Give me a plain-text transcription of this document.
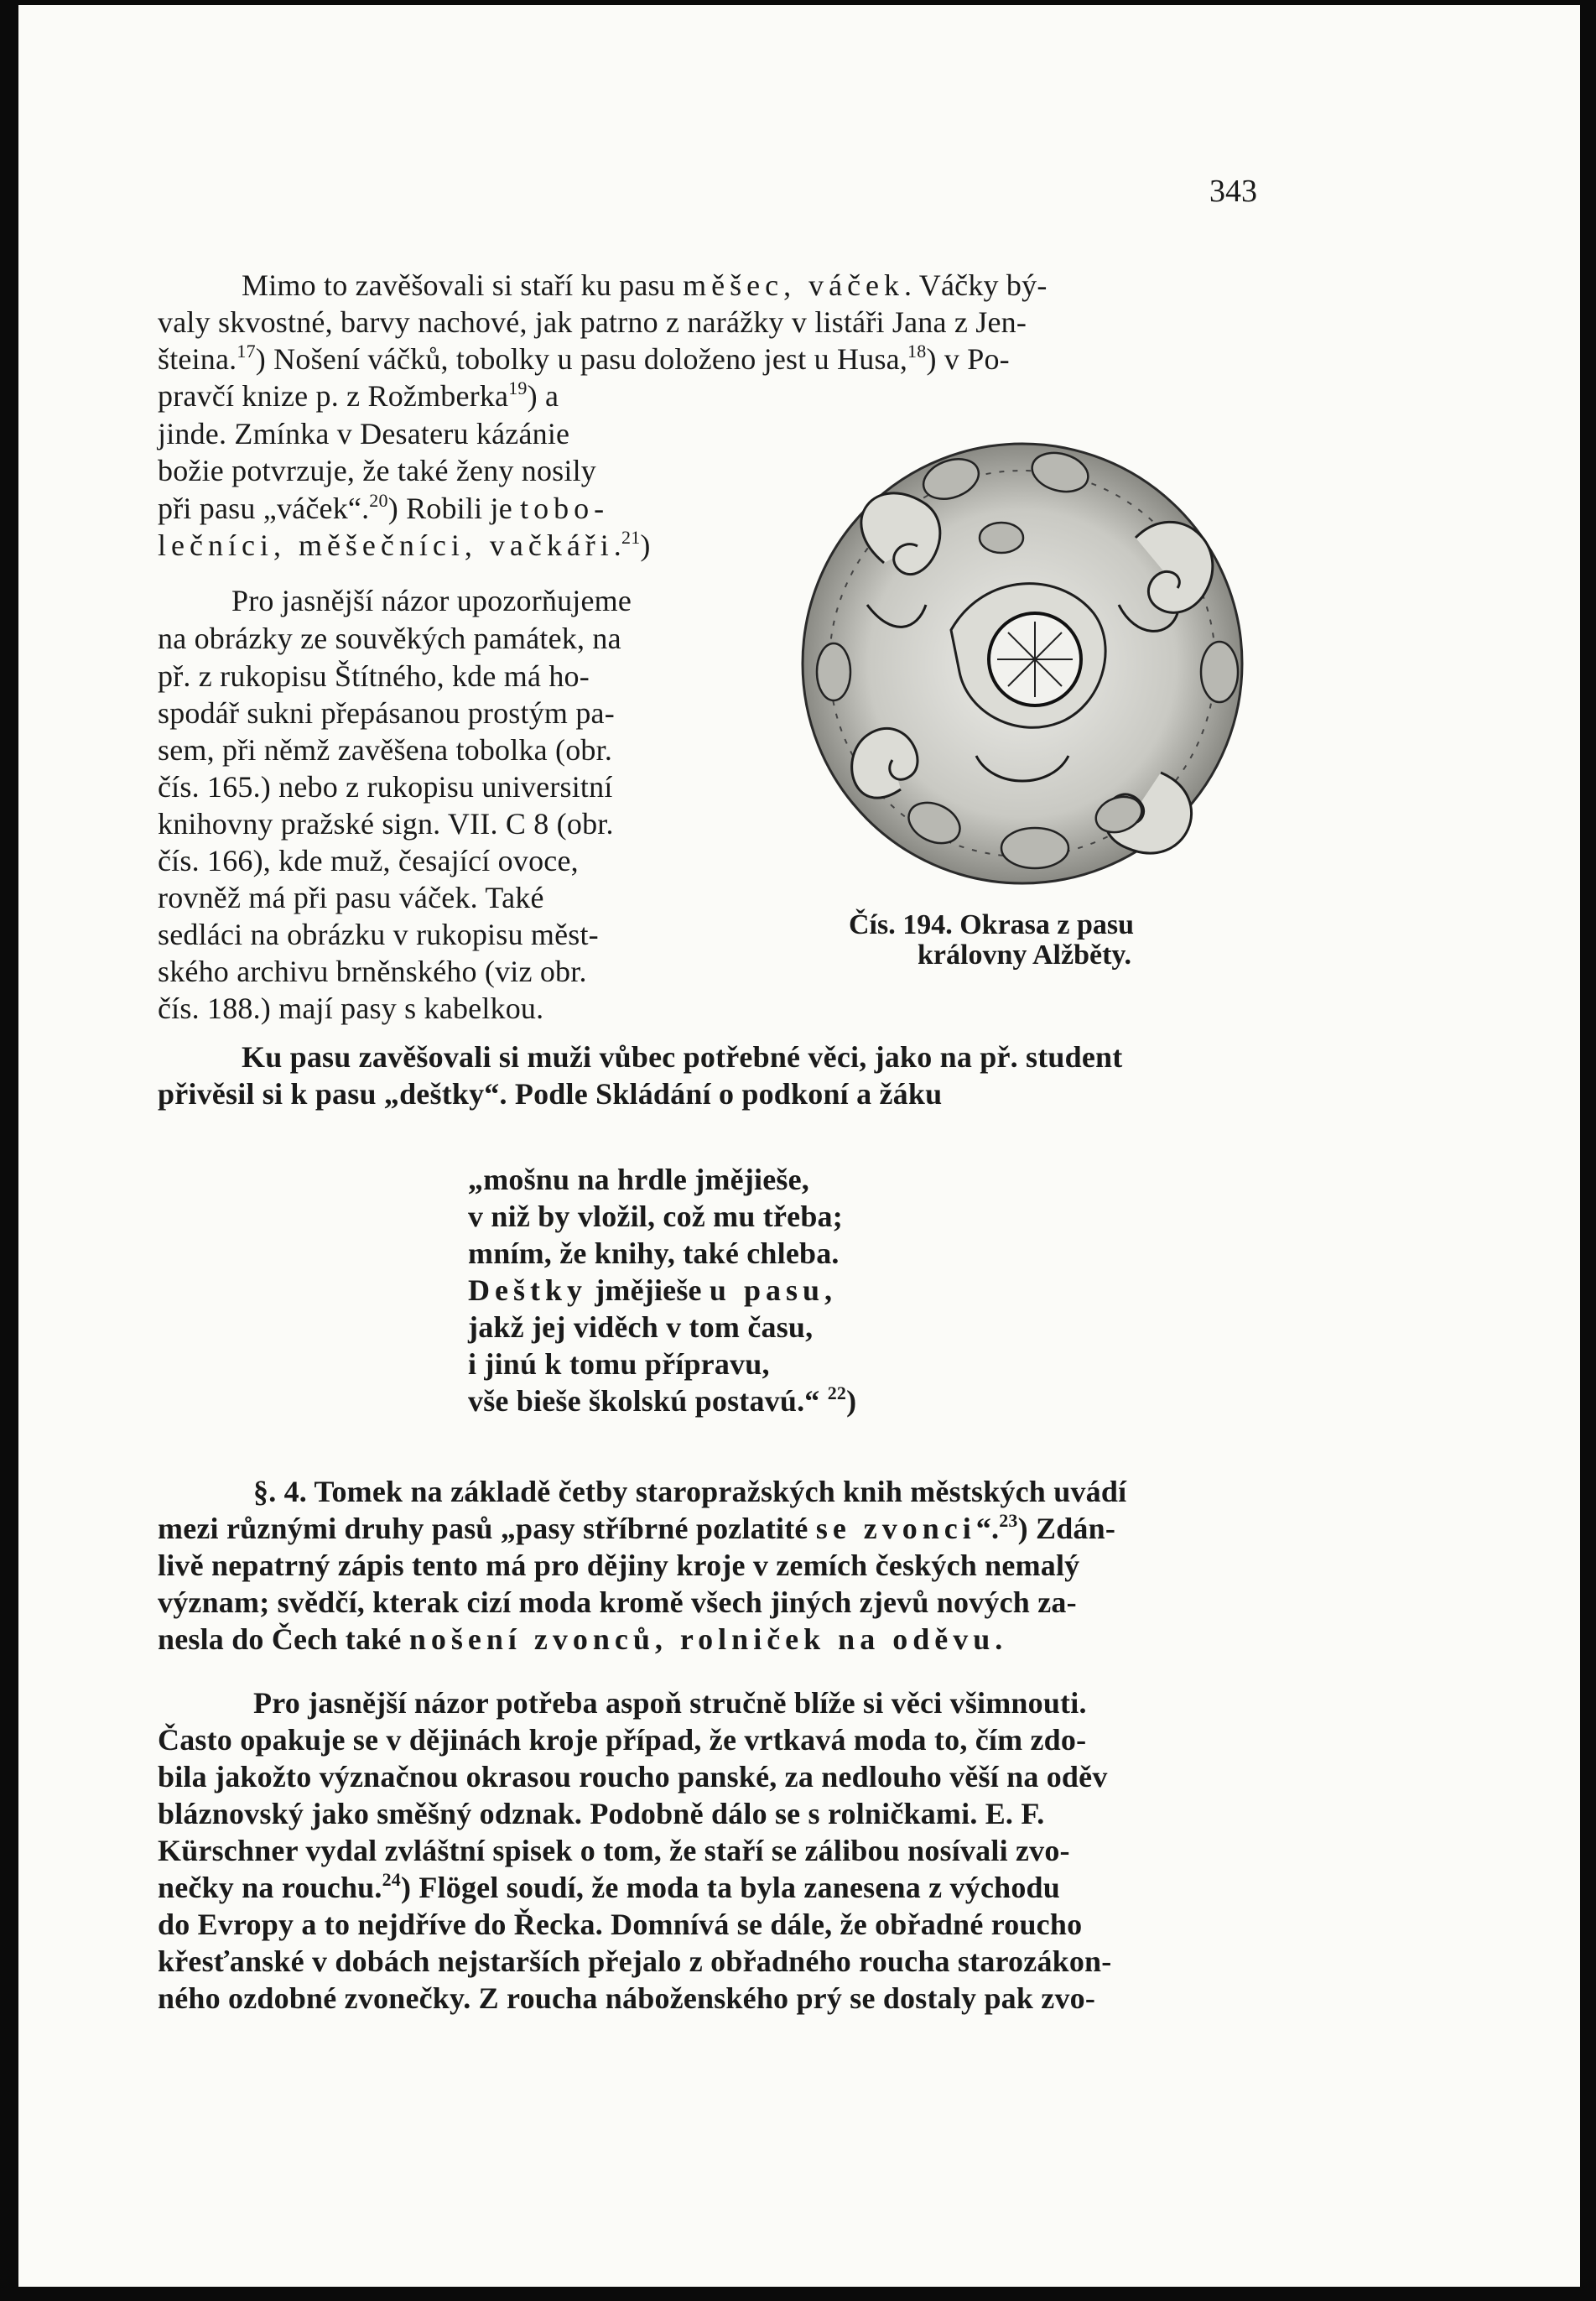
343
Mimo to zavěšovali si staří ku pasu měšec, váček. Váčky bý-
valy skvostné, barvy nachové, jak patrno z narážky v listáři Jana z Jen-
šteina.$^{17}$) Nošení váčků, tobolky u pasu doloženo jest u Husa,$^{18}$) v Po-
pravčí knize p. z Rožmberka$^{19}$) a
jinde. Zmínka v Desateru kázánie
božie potvrzuje, že také ženy nosily
při pasu „váček“.$^{20}$) Robili je tobo-
lečníci, měšečníci, vačkáři.$^{21}$)
Pro jasnější názor upozorňujeme
na obrázky ze souvěkých památek, na
př. z rukopisu Štítného, kde má ho-
spodář sukni přepásanou prostým pa-
sem, při němž zavěšena tobolka (obr.
čís. 165.) nebo z rukopisu universitní
knihovny pražské sign. VII. C 8 (obr.
čís. 166), kde muž, česající ovoce,
rovněž má při pasu váček. Také
sedláci na obrázku v rukopisu měst-
ského archivu brněnského (viz obr.
čís. 188.) mají pasy s kabelkou.
Čís. 194. Okrasa z pasu
královny Alžběty.
Ku pasu zavěšovali si muži vůbec potřebné věci, jako na př. student
přivěsil si k pasu „deštky“. Podle Skládání o podkoní a žáku
„mošnu na hrdle jmějieše,
v niž by vložil, což mu třeba;
mním, že knihy, také chleba.
Deštky jmějieše u pasu,
jakž jej viděch v tom času,
i jinú k tomu přípravu,
vše bieše školskú postavú.“ $^{22}$)
§. 4. Tomek na základě četby staropražských knih městských uvádí
mezi různými druhy pasů „pasy stříbrné pozlatité se zvonci“.$^{23}$) Zdán-
livě nepatrný zápis tento má pro dějiny kroje v zemích českých nemalý
význam; svědčí, kterak cizí moda kromě všech jiných zjevů nových za-
nesla do Čech také nošení zvonců, rolniček na oděvu.
Pro jasnější názor potřeba aspoň stručně blíže si věci všimnouti.
Často opakuje se v dějinách kroje případ, že vrtkavá moda to, čím zdo-
bila jakožto význačnou okrasou roucho panské, za nedlouho věší na oděv
bláznovský jako směšný odznak. Podobně dálo se s rolničkami. E. F.
Kürschner vydal zvláštní spisek o tom, že staří se zálibou nosívali zvo-
nečky na rouchu.$^{24}$) Flögel soudí, že moda ta byla zanesena z východu
do Evropy a to nejdříve do Řecka. Domnívá se dále, že obřadné roucho
křesťanské v dobách nejstarších přejalo z obřadného roucha starozákon-
ného ozdobné zvonečky. Z roucha náboženského prý se dostaly pak zvo-
